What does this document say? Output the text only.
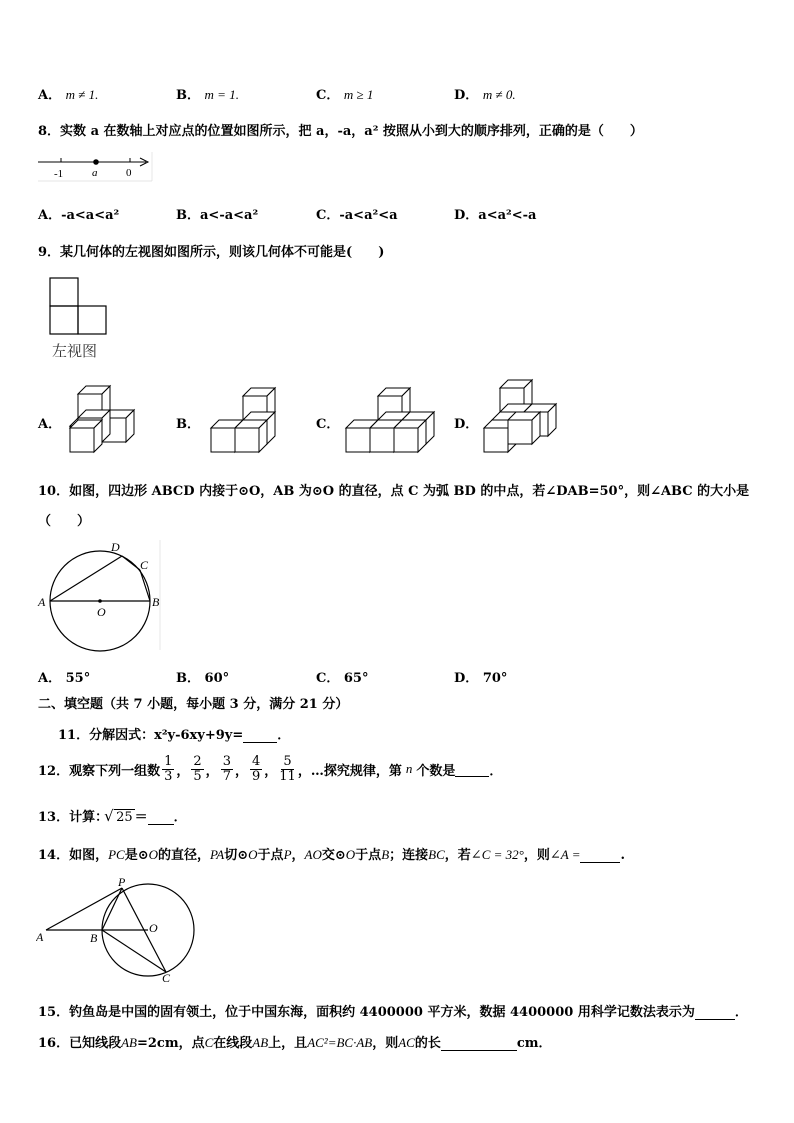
A． m ≠ 1.	B． m = 1.	C． m ≥ 1	D． m ≠ 0.
8．实数 a 在数轴上对应点的位置如图所示，把 a，-a，a² 按照从小到大的顺序排列，正确的是（　　）
-1	a	0
A．-a<a<a²	B．a<-a<a²	C．-a<a²<a	D．a<a²<-a
9．某几何体的左视图如图所示，则该几何体不可能是(　　)
左视图
A．	B．	C．	D．
10．如图，四边形 ABCD 内接于⊙O，AB 为⊙O 的直径，点 C 为弧 BD 的中点，若∠DAB=50°，则∠ABC 的大小是
（　　）
A	B
C
D
O
A． 55°	B． 60°	C． 65°	D． 70°
二、填空题（共 7 小题，每小题 3 分，满分 21 分）
11．分解因式：x²y-6xy+9y=	．
12．观察下列一组数 $\frac{1}{3}$ ， $\frac{2}{5}$ ， $\frac{3}{7}$ ， $\frac{4}{9}$ ， $\frac{5}{11}$ ，…探究规律，第 n 个数是	．
13．计算：√ 25 ＝ ．
14．如图，PC是⊙O的直径，PA切⊙O于点P，AO交⊙O于点B；连接BC，若∠C = 32°，则∠A =	.
A	B
C
O
P
15．钓鱼岛是中国的固有领土，位于中国东海，面积约 4400000 平方米，数据 4400000 用科学记数法表示为	．
16．已知线段AB=2cm，点C在线段AB上，且AC²=BC·AB，则AC的长	cm．
